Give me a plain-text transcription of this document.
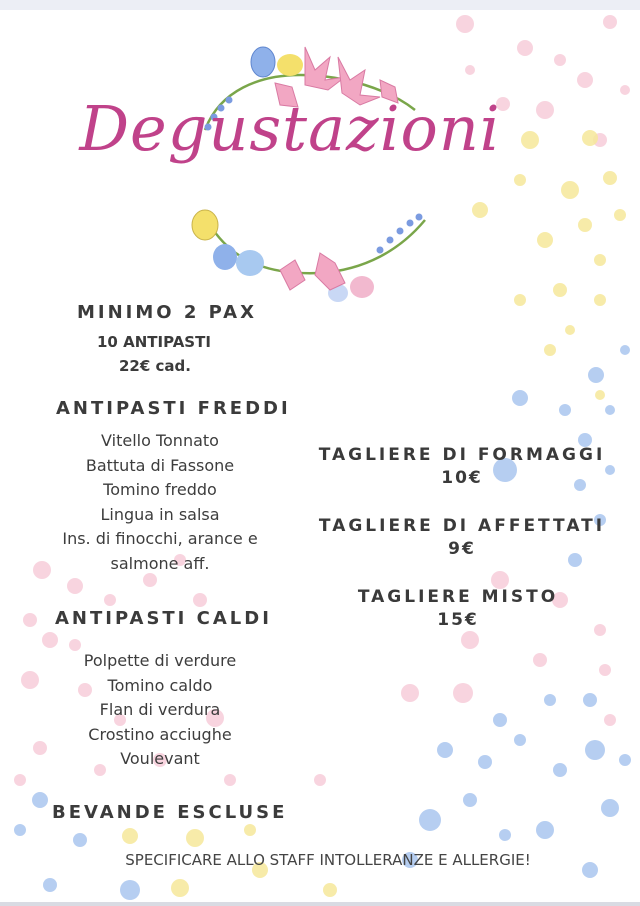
Degustazioni
MINIMO 2 PAX
10 ANTIPASTI
22€ cad.
ANTIPASTI FREDDI
Vitello Tonnato
Battuta di Fassone
Tomino freddo
Lingua in salsa
Ins. di finocchi, arance e
salmone aff.
ANTIPASTI CALDI
Polpette di verdure
Tomino caldo
Flan di verdura
Crostino acciughe
Voulevant
TAGLIERE DI FORMAGGI
10€
TAGLIERE DI AFFETTATI
9€
TAGLIERE MISTO
15€
BEVANDE ESCLUSE
SPECIFICARE ALLO STAFF INTOLLERANZE E ALLERGIE!
